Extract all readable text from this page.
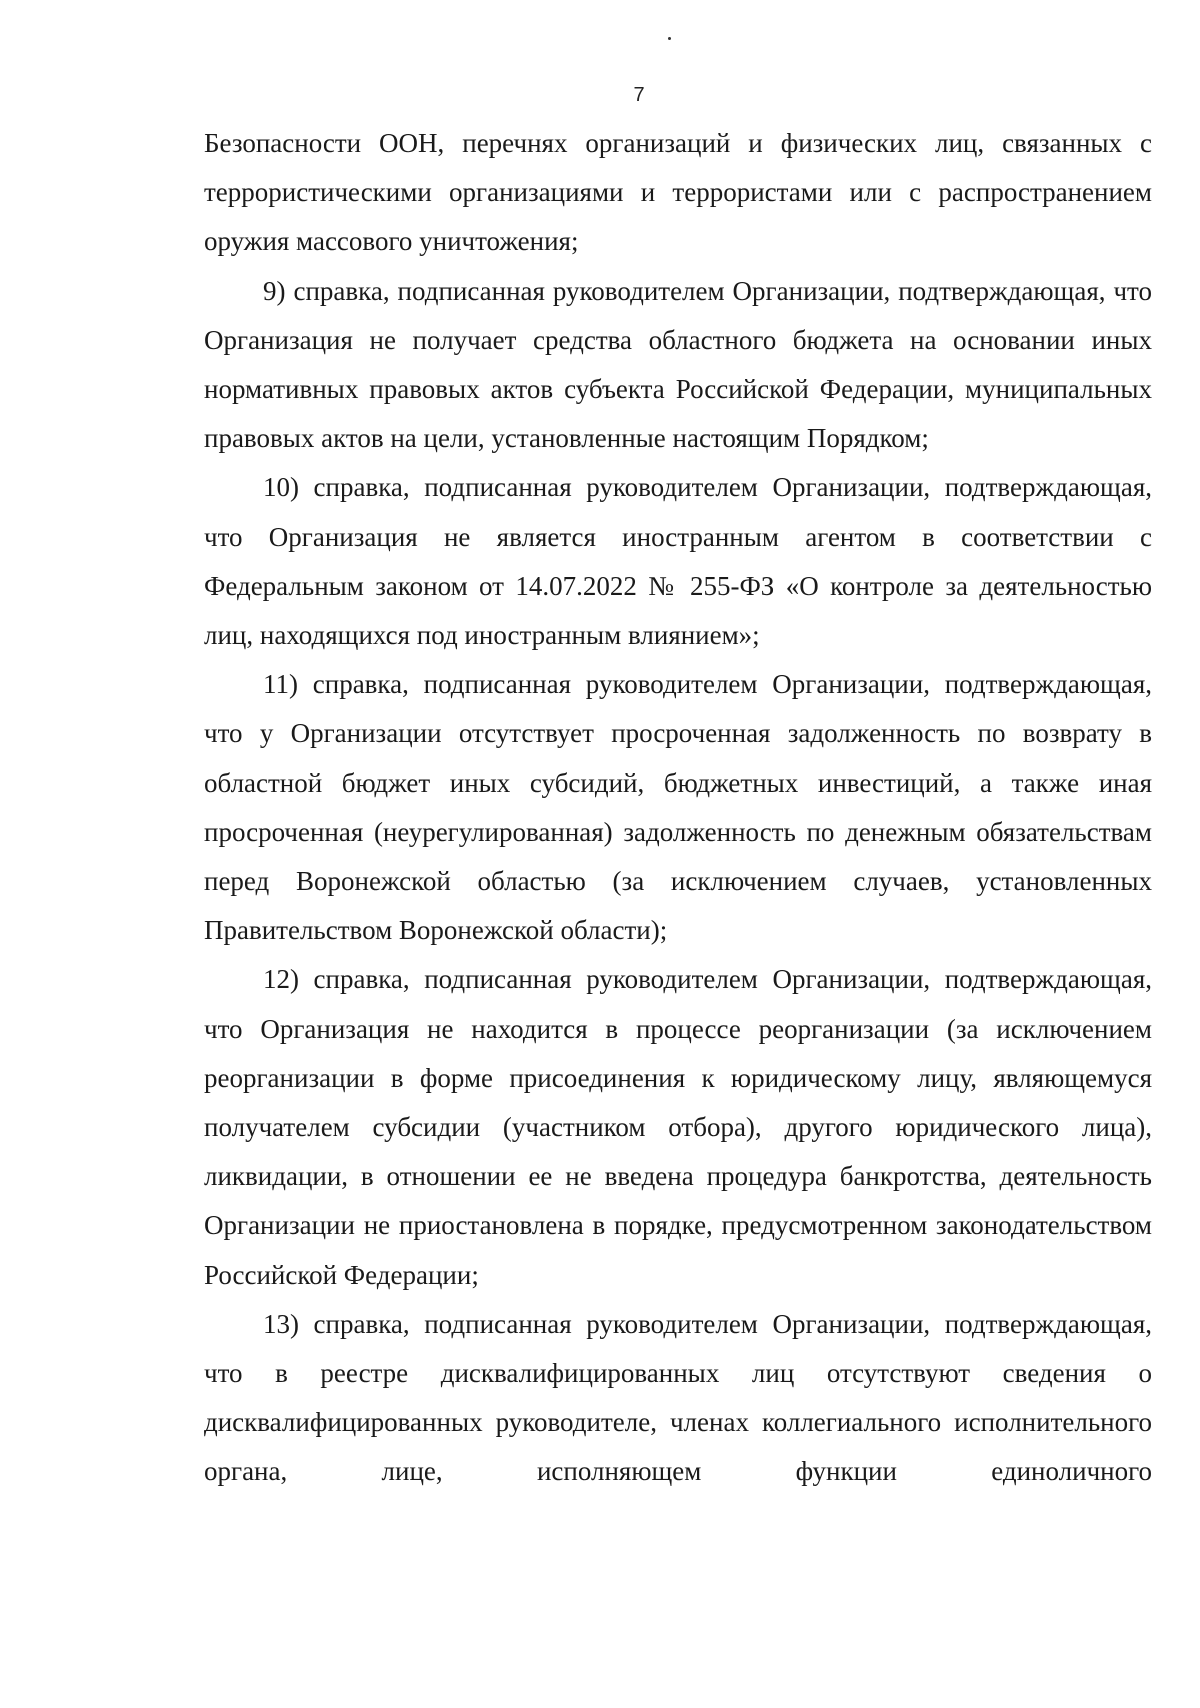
7

Безопасности ООН, перечнях организаций и физических лиц, связанных с террористическими организациями и террористами или с распространением оружия массового уничтожения;

9) справка, подписанная руководителем Организации, подтверждающая, что Организация не получает средства областного бюджета на основании иных нормативных правовых актов субъекта Российской Федерации, муниципальных правовых актов на цели, установленные настоящим Порядком;

10) справка, подписанная руководителем Организации, подтверждающая, что Организация не является иностранным агентом в соответствии с Федеральным законом от 14.07.2022 № 255-ФЗ «О контроле за деятельностью лиц, находящихся под иностранным влиянием»;

11) справка, подписанная руководителем Организации, подтверждающая, что у Организации отсутствует просроченная задолженность по возврату в областной бюджет иных субсидий, бюджетных инвестиций, а также иная просроченная (неурегулированная) задолженность по денежным обязательствам перед Воронежской областью (за исключением случаев, установленных Правительством Воронежской области);

12) справка, подписанная руководителем Организации, подтверждающая, что Организация не находится в процессе реорганизации (за исключением реорганизации в форме присоединения к юридическому лицу, являющемуся получателем субсидии (участником отбора), другого юридического лица), ликвидации, в отношении ее не введена процедура банкротства, деятельность Организации не приостановлена в порядке, предусмотренном законодательством Российской Федерации;

13) справка, подписанная руководителем Организации, подтверждающая, что в реестре дисквалифицированных лиц отсутствуют сведения о дисквалифицированных руководителе, членах коллегиального исполнительного органа, лице, исполняющем функции единоличного
